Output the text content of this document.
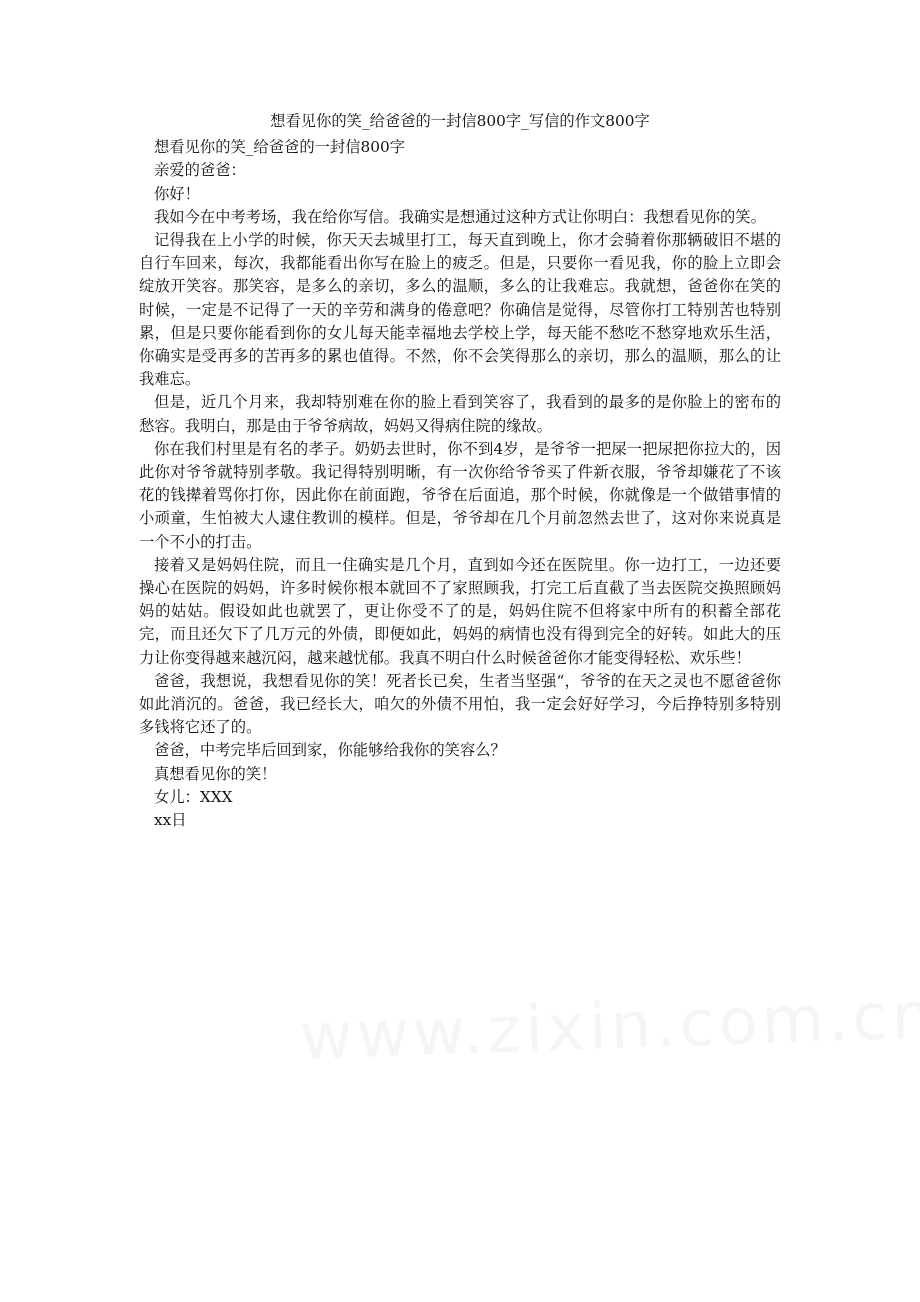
想看见你的笑_给爸爸的一封信800字_写信的作文800字

想看见你的笑_给爸爸的一封信800字

亲爱的爸爸：

你好！

我如今在中考考场，我在给你写信。我确实是想通过这种方式让你明白：我想看见你的笑。

记得我在上小学的时候，你天天去城里打工，每天直到晚上，你才会骑着你那辆破旧不堪的自行车回来，每次，我都能看出你写在脸上的疲乏。但是，只要你一看见我，你的脸上立即会绽放开笑容。那笑容，是多么的亲切，多么的温顺，多么的让我难忘。我就想，爸爸你在笑的时候，一定是不记得了一天的辛劳和满身的倦意吧？你确信是觉得，尽管你打工特别苦也特别累，但是只要你能看到你的女儿每天能幸福地去学校上学，每天能不愁吃不愁穿地欢乐生活，你确实是受再多的苦再多的累也值得。不然，你不会笑得那么的亲切，那么的温顺，那么的让我难忘。

但是，近几个月来，我却特别难在你的脸上看到笑容了，我看到的最多的是你脸上的密布的愁容。我明白，那是由于爷爷病故，妈妈又得病住院的缘故。

你在我们村里是有名的孝子。奶奶去世时，你不到4岁，是爷爷一把屎一把尿把你拉大的，因此你对爷爷就特别孝敬。我记得特别明晰，有一次你给爷爷买了件新衣服，爷爷却嫌花了不该花的钱撵着骂你打你，因此你在前面跑，爷爷在后面追，那个时候，你就像是一个做错事情的小顽童，生怕被大人逮住教训的模样。但是，爷爷却在几个月前忽然去世了，这对你来说真是一个不小的打击。

接着又是妈妈住院，而且一住确实是几个月，直到如今还在医院里。你一边打工，一边还要操心在医院的妈妈，许多时候你根本就回不了家照顾我，打完工后直截了当去医院交换照顾妈妈的姑姑。假设如此也就罢了，更让你受不了的是，妈妈住院不但将家中所有的积蓄全部花完，而且还欠下了几万元的外债，即便如此，妈妈的病情也没有得到完全的好转。如此大的压力让你变得越来越沉闷，越来越忧郁。我真不明白什么时候爸爸你才能变得轻松、欢乐些！

爸爸，我想说，我想看见你的笑！死者长已矣，生者当坚强“，爷爷的在天之灵也不愿爸爸你如此消沉的。爸爸，我已经长大，咱欠的外债不用怕，我一定会好好学习，今后挣特别多特别多钱将它还了的。

爸爸，中考完毕后回到家，你能够给我你的笑容么？

真想看见你的笑！

女儿：XXX

xx日
